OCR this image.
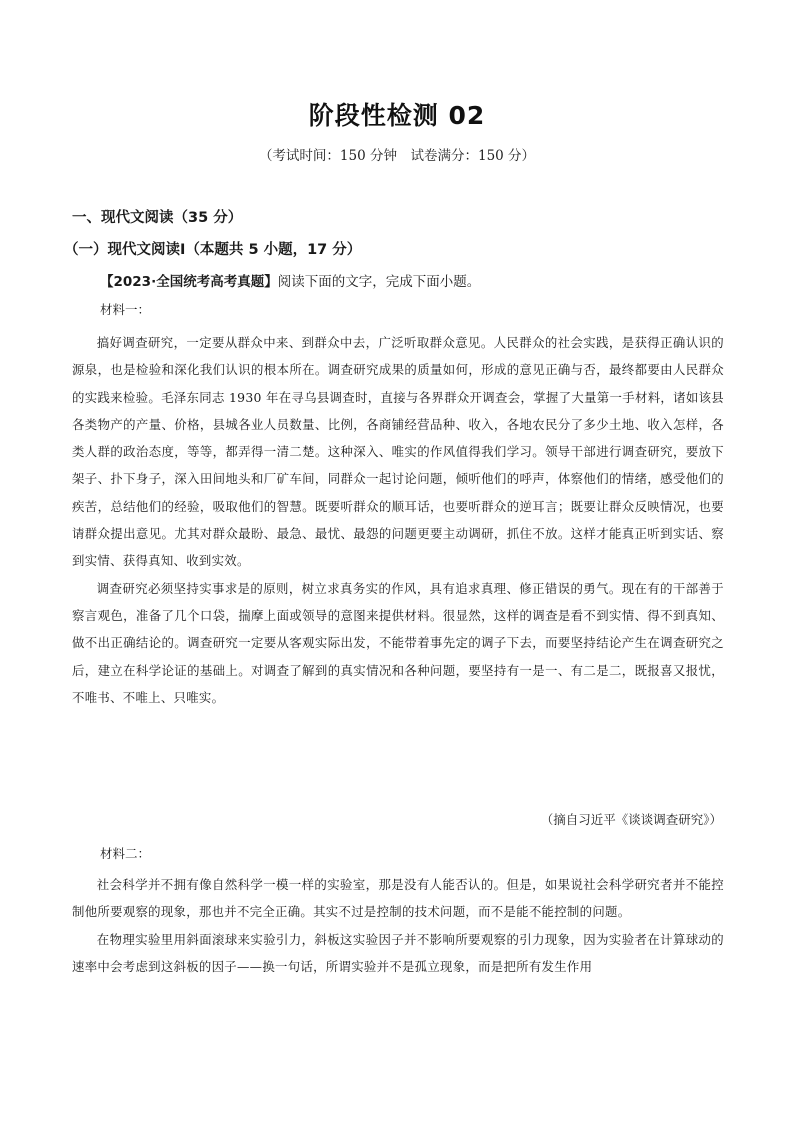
阶段性检测 02
（考试时间：150 分钟　试卷满分：150 分）
一、现代文阅读（35 分）
（一）现代文阅读Ⅰ（本题共 5 小题，17 分）
【2023·全国统考高考真题】阅读下面的文字，完成下面小题。
材料一：

搞好调查研究，一定要从群众中来、到群众中去，广泛听取群众意见。人民群众的社会实践，是获得正确认识的源泉，也是检验和深化我们认识的根本所在。调查研究成果的质量如何，形成的意见正确与否，最终都要由人民群众的实践来检验。毛泽东同志 1930 年在寻乌县调查时，直接与各界群众开调查会，掌握了大量第一手材料，诸如该县各类物产的产量、价格，县城各业人员数量、比例，各商铺经营品种、收入，各地农民分了多少土地、收入怎样，各类人群的政治态度，等等，都弄得一清二楚。这种深入、唯实的作风值得我们学习。领导干部进行调查研究，要放下架子、扑下身子，深入田间地头和厂矿车间，同群众一起讨论问题，倾听他们的呼声，体察他们的情绪，感受他们的疾苦，总结他们的经验，吸取他们的智慧。既要听群众的顺耳话，也要听群众的逆耳言；既要让群众反映情况，也要请群众提出意见。尤其对群众最盼、最急、最忧、最怨的问题更要主动调研，抓住不放。这样才能真正听到实话、察到实情、获得真知、收到实效。

调查研究必须坚持实事求是的原则，树立求真务实的作风，具有追求真理、修正错误的勇气。现在有的干部善于察言观色，准备了几个口袋，揣摩上面或领导的意图来提供材料。很显然，这样的调查是看不到实情、得不到真知、做不出正确结论的。调查研究一定要从客观实际出发，不能带着事先定的调子下去，而要坚持结论产生在调查研究之后，建立在科学论证的基础上。对调查了解到的真实情况和各种问题，要坚持有一是一、有二是二，既报喜又报忧，不唯书、不唯上、只唯实。

（摘自习近平《谈谈调查研究》）
材料二：

社会科学并不拥有像自然科学一模一样的实验室，那是没有人能否认的。但是，如果说社会科学研究者并不能控制他所要观察的现象，那也并不完全正确。其实不过是控制的技术问题，而不是能不能控制的问题。

在物理实验里用斜面滚球来实验引力，斜板这实验因子并不影响所要观察的引力现象，因为实验者在计算球动的速率中会考虑到这斜板的因子——换一句话，所谓实验并不是孤立现象，而是把所有发生作用
